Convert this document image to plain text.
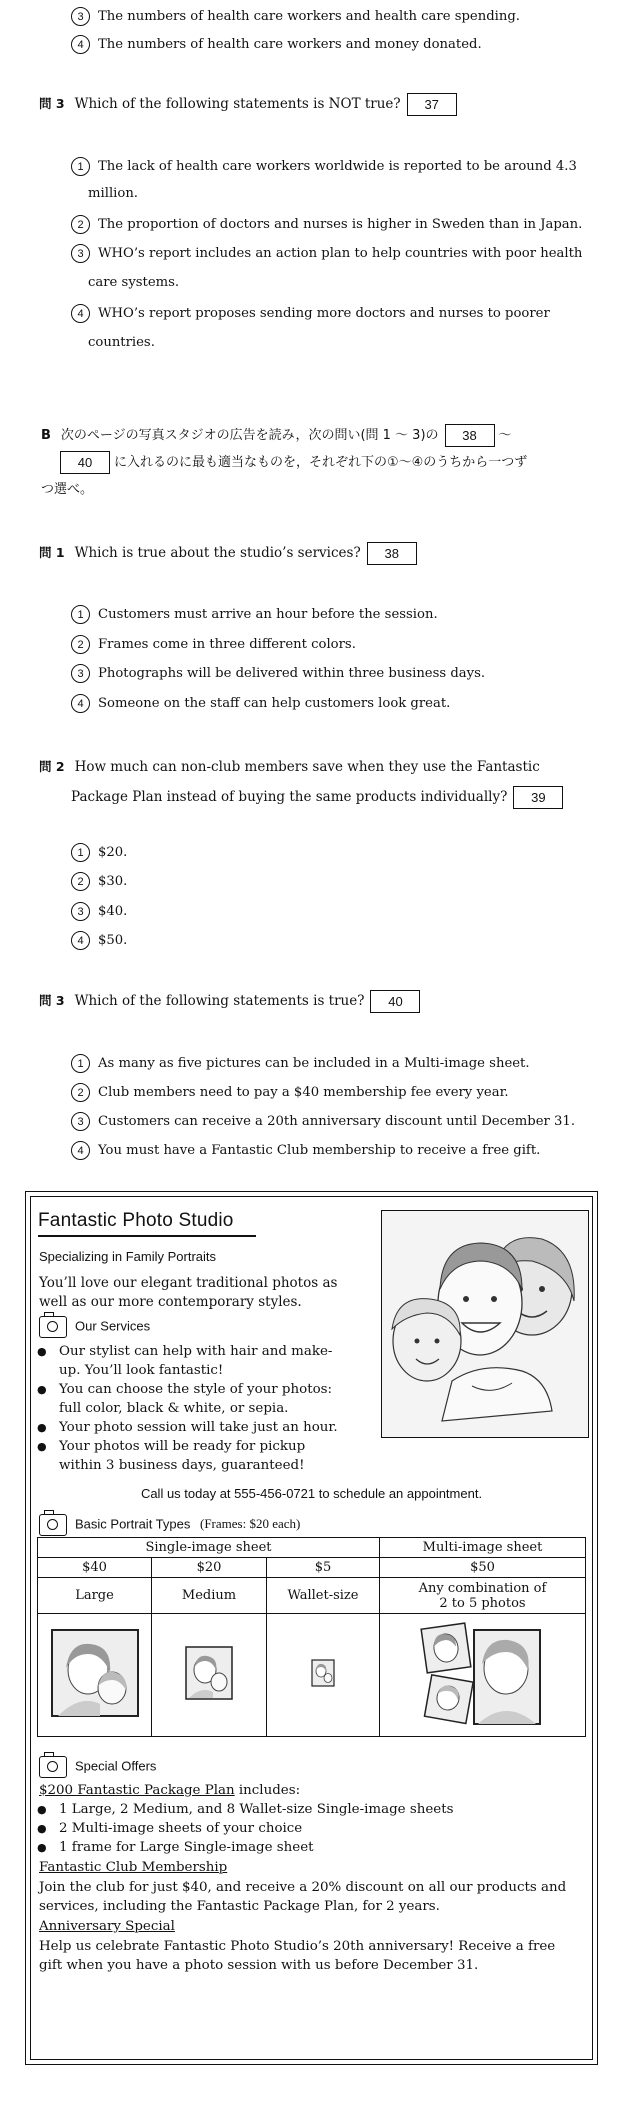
3 The numbers of health care workers and health care spending.
4 The numbers of health care workers and money donated.
問 3 Which of the following statements is NOT true? 37
1 The lack of health care workers worldwide is reported to be around 4.3
million.
2 The proportion of doctors and nurses is higher in Sweden than in Japan.
3 WHO’s report includes an action plan to help countries with poor health
care systems.
4 WHO’s report proposes sending more doctors and nurses to poorer
countries.
B 次のページの写真スタジオの広告を読み，次の問い(問 1 ～ 3)の 38 ～
40 に入れるのに最も適当なものを，それぞれ下の①～④のうちから一つず
つ選べ。
問 1 Which is true about the studio’s services? 38
1 Customers must arrive an hour before the session.
2 Frames come in three different colors.
3 Photographs will be delivered within three business days.
4 Someone on the staff can help customers look great.
問 2 How much can non-club members save when they use the Fantastic
Package Plan instead of buying the same products individually? 39
1 $20.
2 $30.
3 $40.
4 $50.
問 3 Which of the following statements is true? 40
1 As many as five pictures can be included in a Multi-image sheet.
2 Club members need to pay a $40 membership fee every year.
3 Customers can receive a 20th anniversary discount until December 31.
4 You must have a Fantastic Club membership to receive a free gift.
Fantastic Photo Studio
Specializing in Family Portraits
You’ll love our elegant traditional photos as
well as our more contemporary styles.
Our Services
● Our stylist can help with hair and make-
up. You’ll look fantastic!
● You can choose the style of your photos:
full color, black & white, or sepia.
● Your photo session will take just an hour.
● Your photos will be ready for pickup
within 3 business days, guaranteed!
Call us today at 555-456-0721 to schedule an appointment.
Basic Portrait Types (Frames: $20 each)
Single-image sheet			Multi-image sheet
$40	$20	$5	$50
Large	Medium	Wallet-size	Any combination of
2 to 5 photos

Special Offers
$200 Fantastic Package Plan includes:
● 1 Large, 2 Medium, and 8 Wallet-size Single-image sheets
● 2 Multi-image sheets of your choice
● 1 frame for Large Single-image sheet
Fantastic Club Membership
Join the club for just $40, and receive a 20% discount on all our products and
services, including the Fantastic Package Plan, for 2 years.
Anniversary Special
Help us celebrate Fantastic Photo Studio’s 20th anniversary! Receive a free
gift when you have a photo session with us before December 31.
